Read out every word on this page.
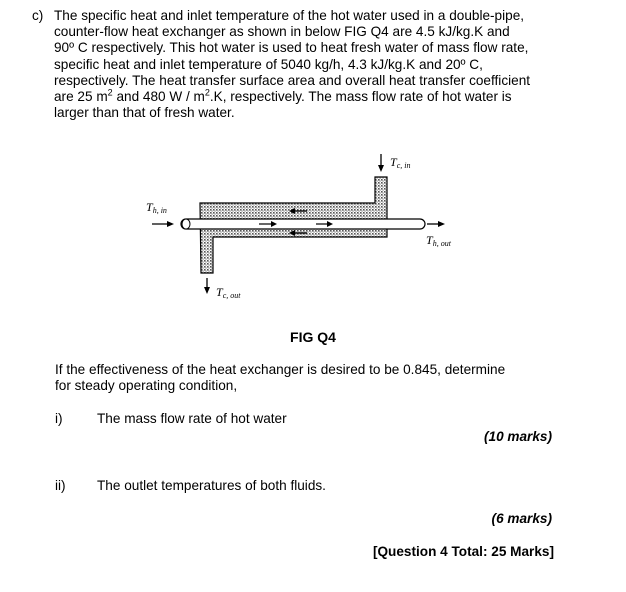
c) The specific heat and inlet temperature of the hot water used in a double-pipe,
counter-flow heat exchanger as shown in below FIG Q4 are 4.5 kJ/kg.K and
90º C respectively. This hot water is used to heat fresh water of mass flow rate,
specific heat and inlet temperature of 5040 kg/h, 4.3 kJ/kg.K and 20º C,
respectively. The heat transfer surface area and overall heat transfer coefficient
are 25 $m^2$ and 480 W / $m^2.K$, respectively. The mass flow rate of hot water is
larger than that of fresh water.
Th, in
Th, out
Tc, in
Tc, out
FIG Q4
If the effectiveness of the heat exchanger is desired to be 0.845, determine
for steady operating condition,
i)	The mass flow rate of hot water
(10 marks)
ii) The outlet temperatures of both fluids.
(6 marks)
[Question 4 Total: 25 Marks]
